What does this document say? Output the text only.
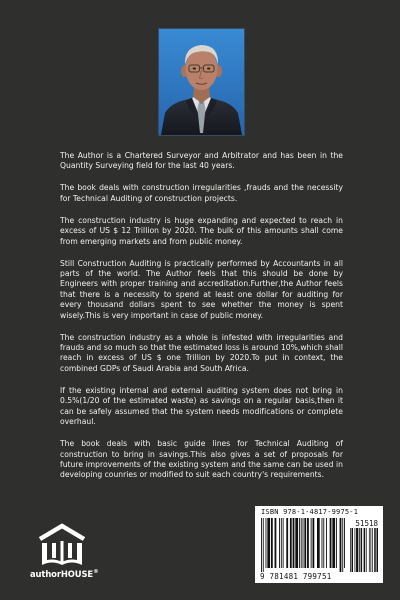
The Author is a Chartered Surveyor and Arbitrator and has been in the Quantity Surveying field for the last 40 years.

The book deals with construction irregularities ,frauds and the necessity for Technical Auditing of construction projects.

The construction industry is huge expanding and expected to reach in excess of US $ 12 Trillion by 2020. The bulk of this amounts shall come from emerging markets and from public money.

Still Construction Auditing is practically performed by Accountants in all parts of the world. The Author feels that this should be done by Engineers with proper training and accreditation.Further,the Author feels that there is a necessity to spend at least one dollar for auditing for every thousand dollars spent to see whether the money is spent wisely.This is very important in case of public money.

The construction industry as a whole is infested with irregularities and frauds and so much so that the estimated loss is around 10%,which shall reach in excess of US $ one Trillion by 2020.To put in context, the combined GDPs of Saudi Arabia and South Africa.

If the existing internal and external auditing system does not bring in 0.5%(1/20 of the estimated waste) as savings on a regular basis,then it can be safely assumed that the system needs modifications or complete overhaul.

The book deals with basic guide lines for Technical Auditing of construction to bring in savings.This also gives a set of proposals for future improvements of the existing system and the same can be used in developing counries or modified to suit each country's requirements.

authorHOUSE®
ISBN 978-1-4817-9975-1
51518
9 781481 799751
